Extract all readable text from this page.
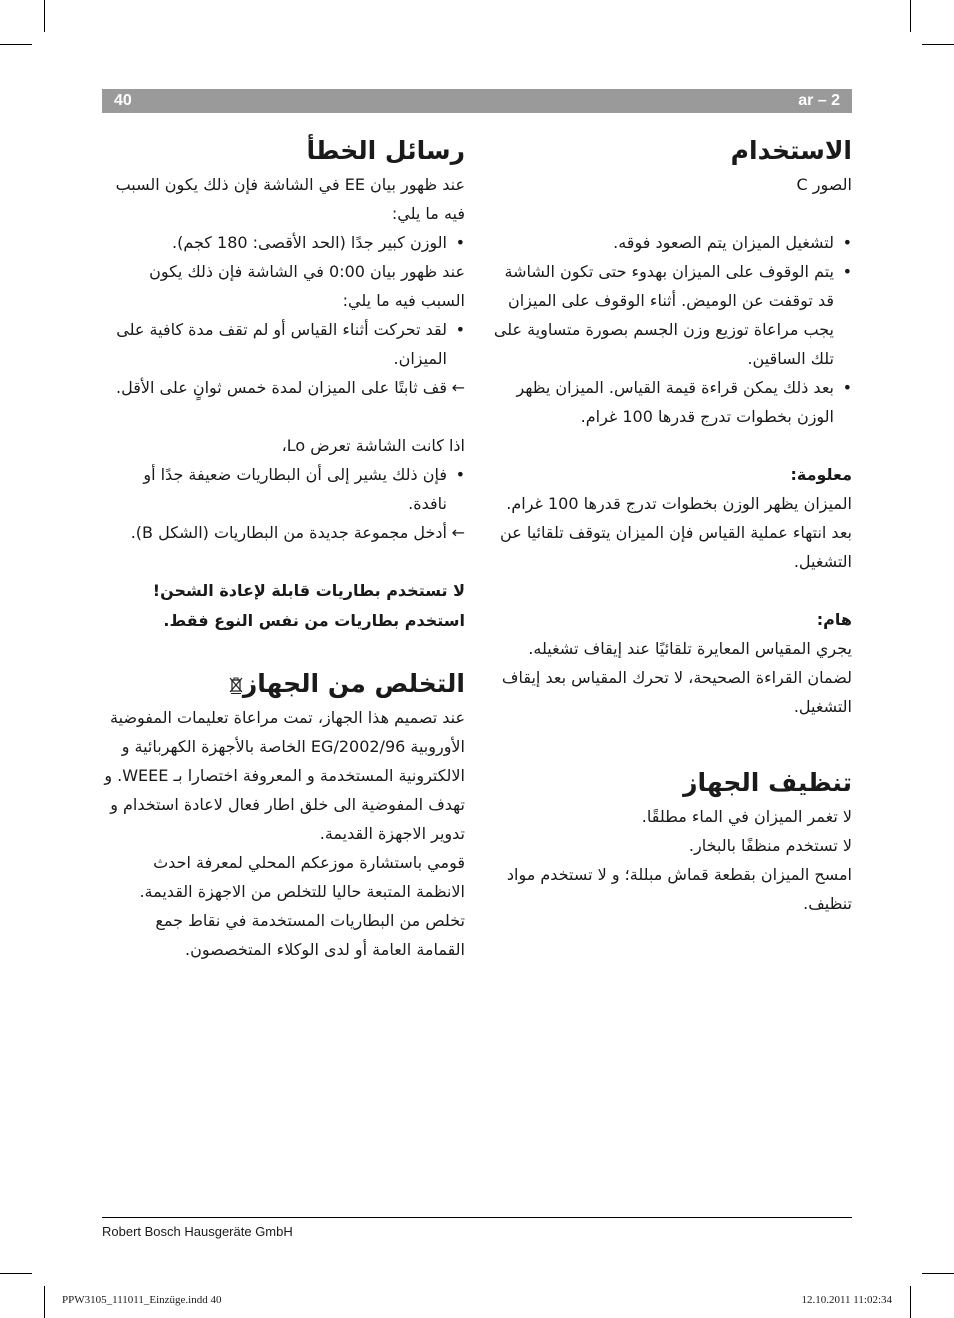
40	ar – 2
الاستخدام

الصور C

• لتشغيل الميزان يتم الصعود فوقه.

• يتم الوقوف على الميزان بهدوء حتى تكون الشاشة قد توقفت عن الوميض. أثناء الوقوف على الميزان يجب مراعاة توزيع وزن الجسم بصورة متساوية على تلك الساقين.

• بعد ذلك يمكن قراءة قيمة القياس. الميزان يظهر الوزن بخطوات تدرج قدرها 100 غرام.

معلومة:

الميزان يظهر الوزن بخطوات تدرج قدرها 100 غرام. بعد انتهاء عملية القياس فإن الميزان يتوقف تلقائيا عن التشغيل.

هام:

يجري المقياس المعايرة تلقائيًا عند إيقاف تشغيله. لضمان القراءة الصحيحة، لا تحرك المقياس بعد إيقاف التشغيل.

تنظيف الجهاز

لا تغمر الميزان في الماء مطلقًا.

لا تستخدم منظفًا بالبخار.

امسح الميزان بقطعة قماش مبللة؛ و لا تستخدم مواد تنظيف.

رسائل الخطأ

عند ظهور بيان EE في الشاشة فإن ذلك يكون السبب فيه ما يلي:

• الوزن كبير جدًا (الحد الأقصى: 180 كجم).

عند ظهور بيان 0:00 في الشاشة فإن ذلك يكون السبب فيه ما يلي:

• لقد تحركت أثناء القياس أو لم تقف مدة كافية على الميزان.

←
قف ثابتًا على الميزان لمدة خمس ثوانٍ على الأقل.

اذا كانت الشاشة تعرض Lo،

• فإن ذلك يشير إلى أن البطاريات ضعيفة جدًا أو نافدة.

←
أدخل مجموعة جديدة من البطاريات (الشكل B).

لا تستخدم بطاريات قابلة لإعادة الشحن!

استخدم بطاريات من نفس النوع فقط.

التخلص من الجهاز

عند تصميم هذا الجهاز، تمت مراعاة تعليمات المفوضية الأوروبية 2002/96/EG الخاصة بالأجهزة الكهربائية و الالكترونية المستخدمة و المعروفة اختصارا بـ WEEE. و تهدف المفوضية الى خلق اطار فعال لاعادة استخدام و تدوير الاجهزة القديمة.

قومي باستشارة موزعكم المحلي لمعرفة احدث الانظمة المتبعة حاليا للتخلص من الاجهزة القديمة.

تخلص من البطاريات المستخدمة في نقاط جمع القمامة العامة أو لدى الوكلاء المتخصصون.

Robert Bosch Hausgeräte GmbH
PPW3105_111011_Einzüge.indd 40	12.10.2011 11:02:34
